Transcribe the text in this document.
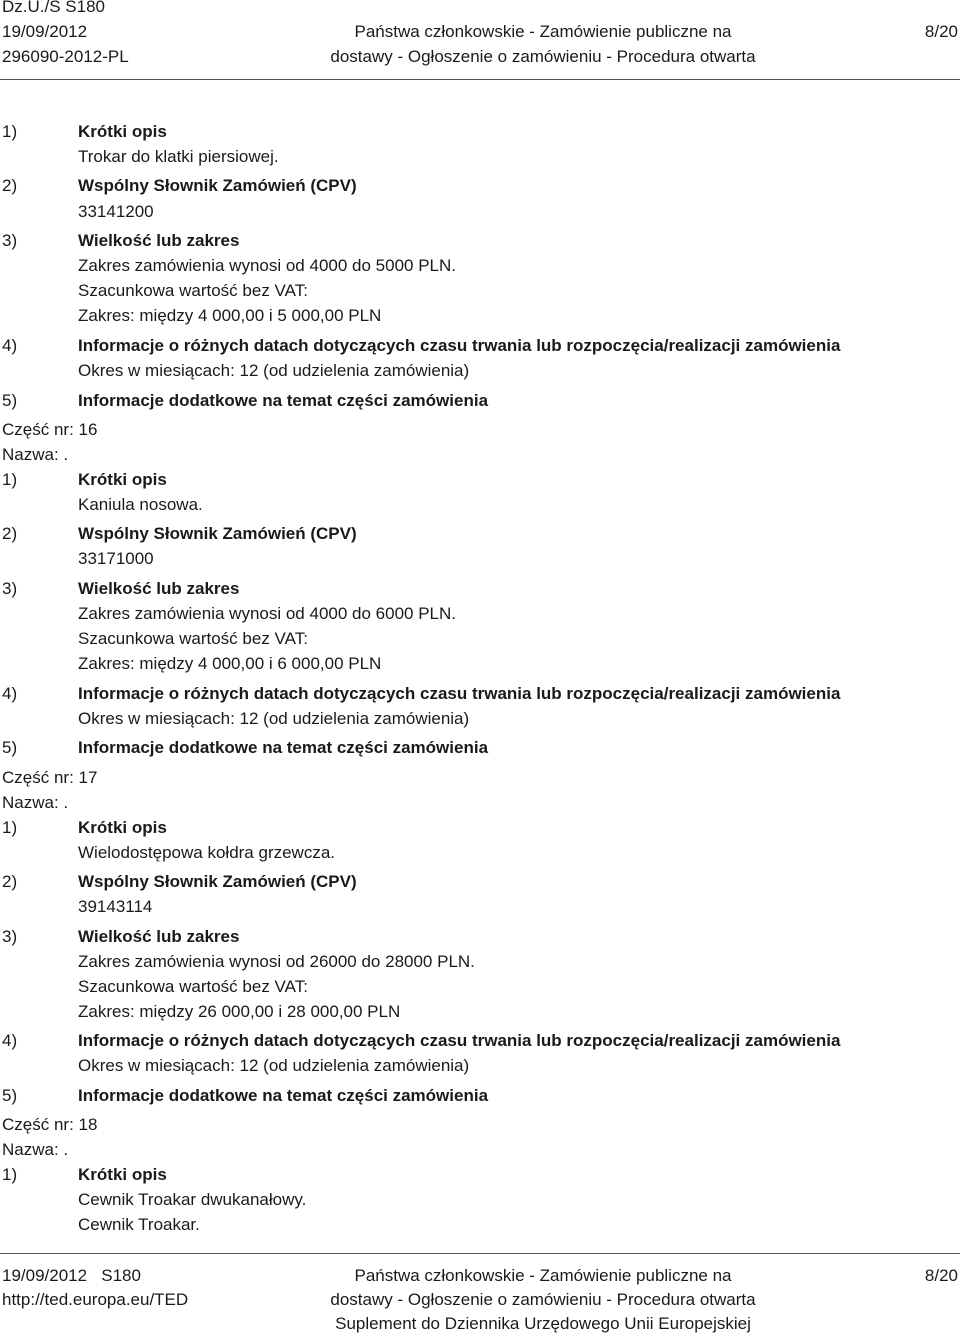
Dz.U./S S180
19/09/2012
296090-2012-PL
Państwa członkowskie - Zamówienie publiczne na
dostawy - Ogłoszenie o zamówieniu - Procedura otwarta
8/20
1)	Krótki opis
Trokar do klatki piersiowej.
2)	Wspólny Słownik Zamówień (CPV)
33141200
3)	Wielkość lub zakres
Zakres zamówienia wynosi od 4000 do 5000 PLN.
Szacunkowa wartość bez VAT:
Zakres: między 4 000,00 i 5 000,00 PLN
4)	Informacje o różnych datach dotyczących czasu trwania lub rozpoczęcia/realizacji zamówienia
Okres w miesiącach: 12 (od udzielenia zamówienia)
5)	Informacje dodatkowe na temat części zamówienia
Część nr: 16
Nazwa: .
1)	Krótki opis
Kaniula nosowa.
2)	Wspólny Słownik Zamówień (CPV)
33171000
3)	Wielkość lub zakres
Zakres zamówienia wynosi od 4000 do 6000 PLN.
Szacunkowa wartość bez VAT:
Zakres: między 4 000,00 i 6 000,00 PLN
4)	Informacje o różnych datach dotyczących czasu trwania lub rozpoczęcia/realizacji zamówienia
Okres w miesiącach: 12 (od udzielenia zamówienia)
5)	Informacje dodatkowe na temat części zamówienia
Część nr: 17
Nazwa: .
1)	Krótki opis
Wielodostępowa kołdra grzewcza.
2)	Wspólny Słownik Zamówień (CPV)
39143114
3)	Wielkość lub zakres
Zakres zamówienia wynosi od 26000 do 28000 PLN.
Szacunkowa wartość bez VAT:
Zakres: między 26 000,00 i 28 000,00 PLN
4)	Informacje o różnych datach dotyczących czasu trwania lub rozpoczęcia/realizacji zamówienia
Okres w miesiącach: 12 (od udzielenia zamówienia)
5)	Informacje dodatkowe na temat części zamówienia
Część nr: 18
Nazwa: .
1)	Krótki opis
Cewnik Troakar dwukanałowy.
Cewnik Troakar.
19/09/2012   S180
http://ted.europa.eu/TED
Państwa członkowskie - Zamówienie publiczne na
dostawy - Ogłoszenie o zamówieniu - Procedura otwarta
Suplement do Dziennika Urzędowego Unii Europejskiej
8/20
